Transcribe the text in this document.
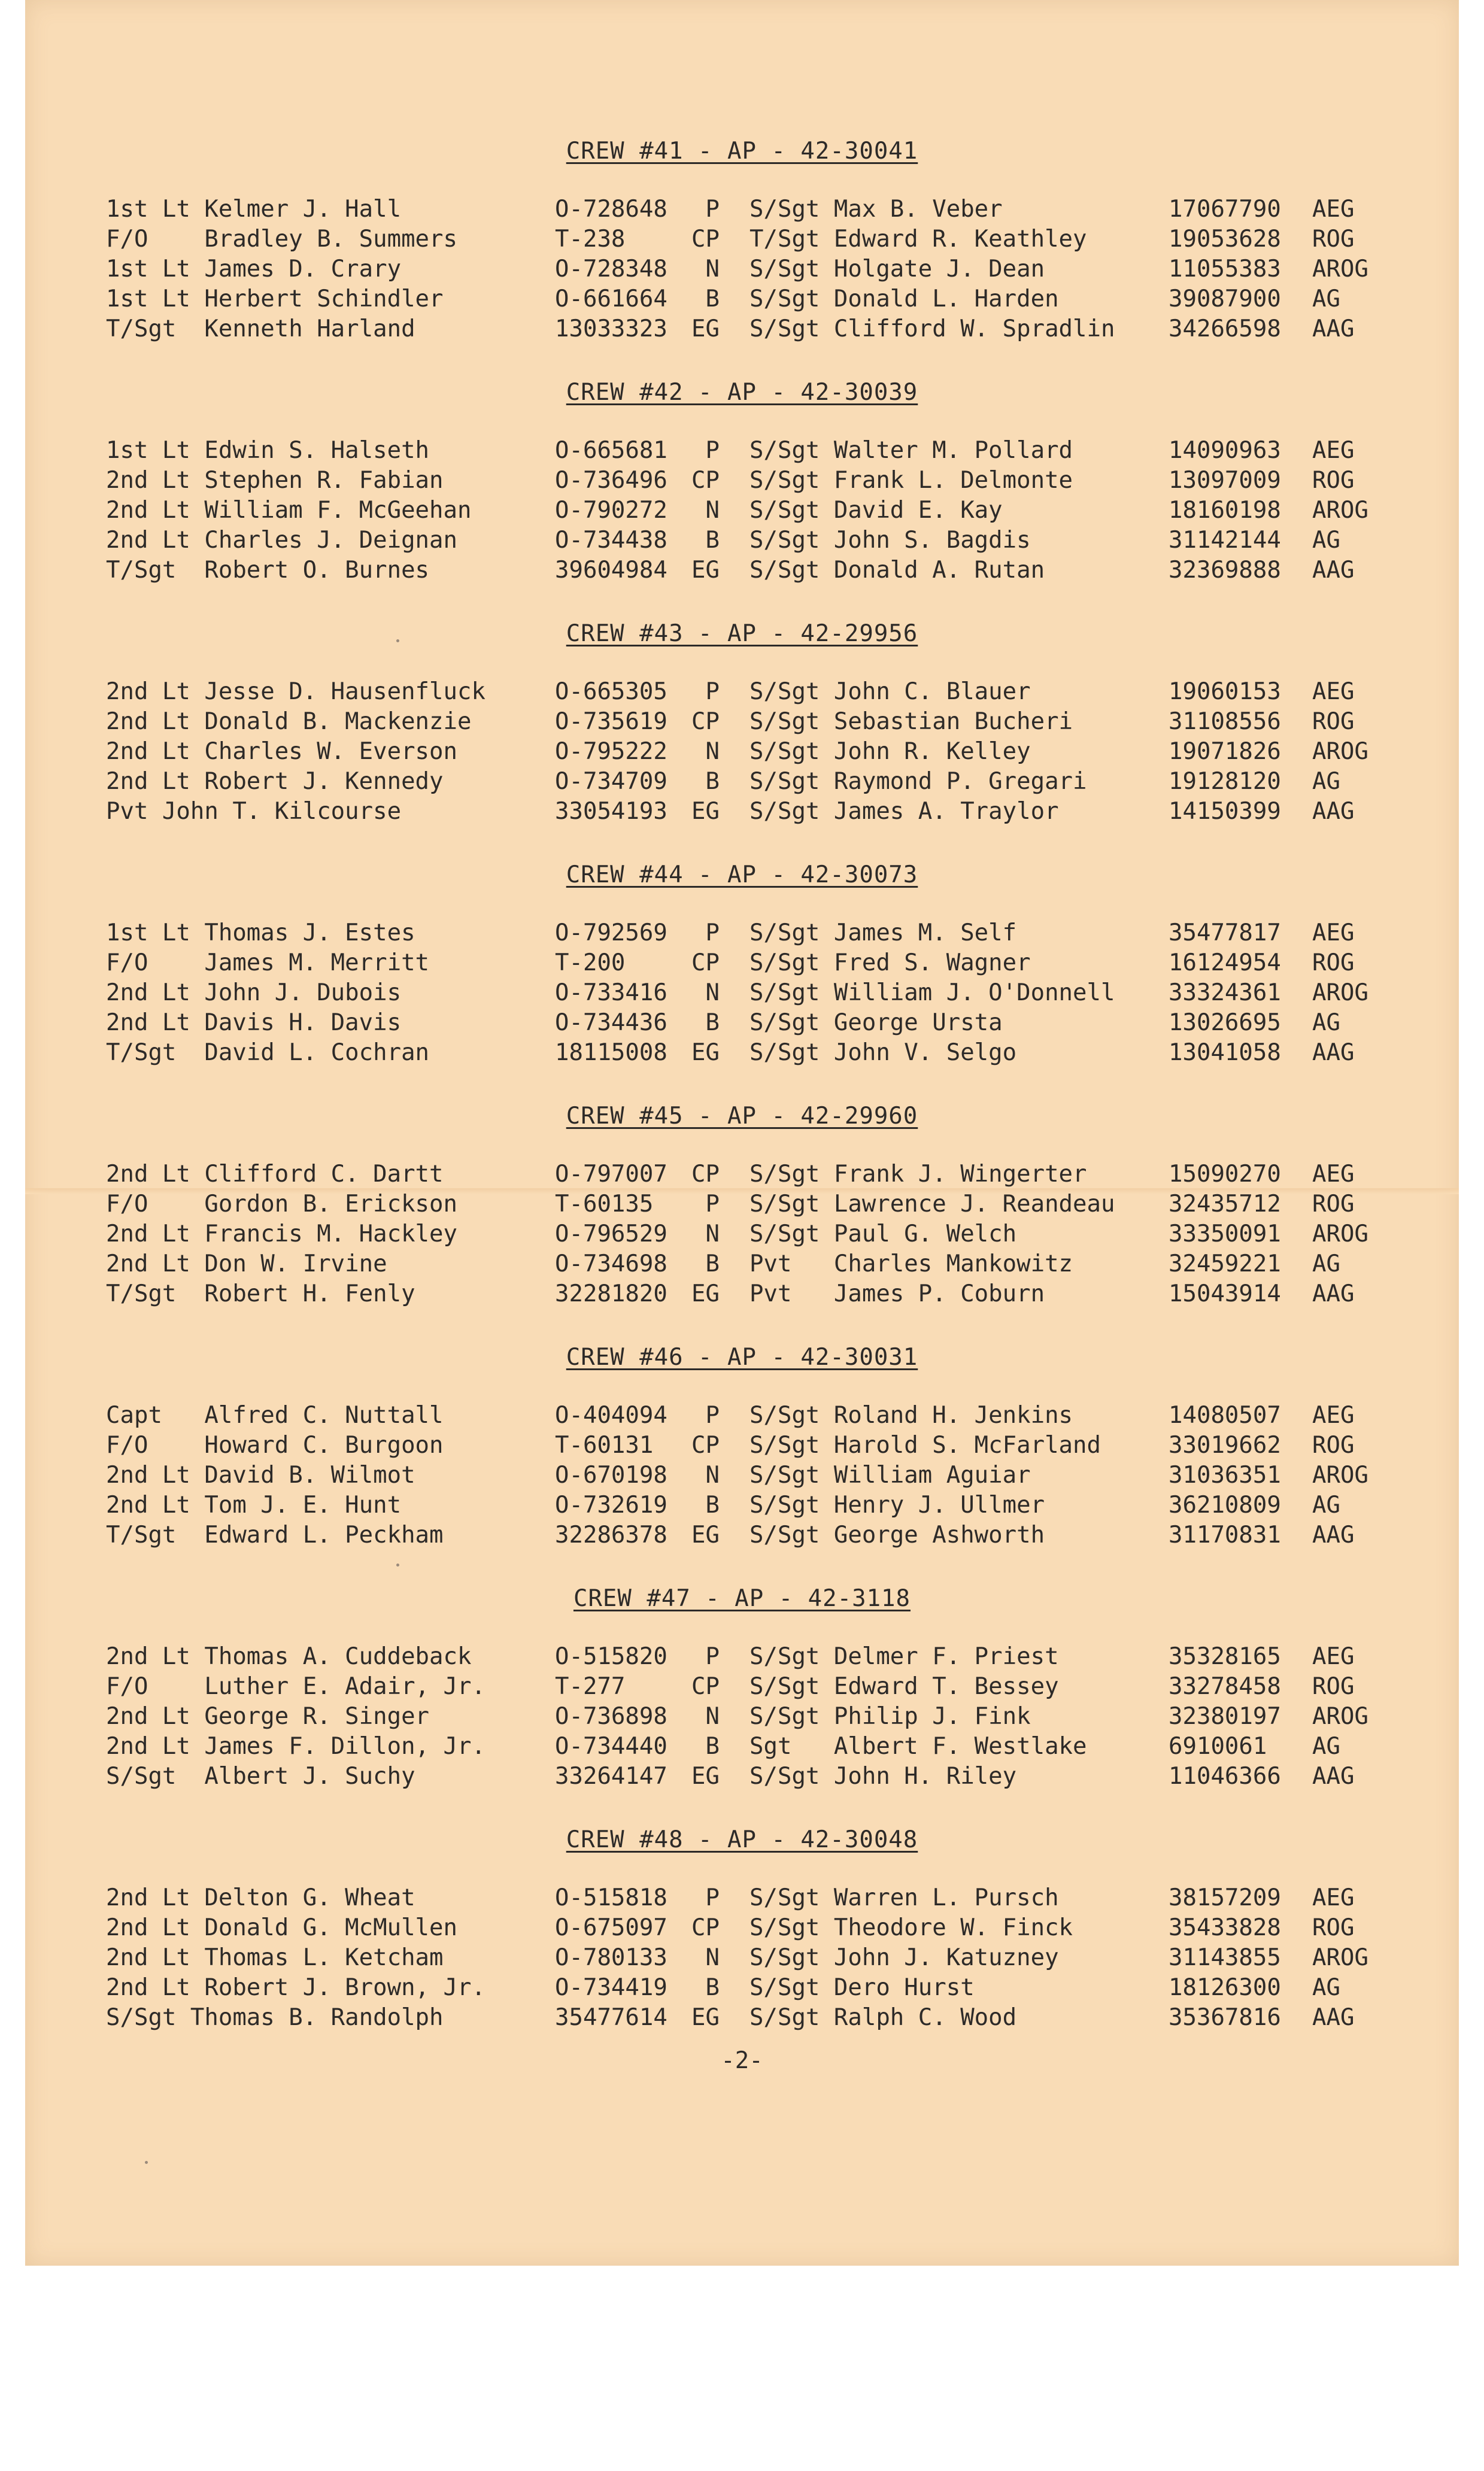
CREW #41 - AP - 42-30041
1st Lt Kelmer J. Hall	O-728648	P S/Sgt Max B. Veber	17067790 AEG
F/O    Bradley B. Summers	T-238	CP T/Sgt Edward R. Keathley	19053628 ROG
1st Lt James D. Crary	O-728348	N S/Sgt Holgate J. Dean	11055383 AROG
1st Lt Herbert Schindler	O-661664	B S/Sgt Donald L. Harden	39087900 AG
T/Sgt  Kenneth Harland	13033323 EG S/Sgt Clifford W. Spradlin 34266598 AAG
CREW #42 - AP - 42-30039
1st Lt Edwin S. Halseth	O-665681	P S/Sgt Walter M. Pollard	14090963 AEG
2nd Lt Stephen R. Fabian	O-736496 CP S/Sgt Frank L. Delmonte	13097009 ROG
2nd Lt William F. McGeehan	O-790272	N S/Sgt David E. Kay	18160198 AROG
2nd Lt Charles J. Deignan	O-734438	B S/Sgt John S. Bagdis	31142144 AG
T/Sgt  Robert O. Burnes	39604984 EG S/Sgt Donald A. Rutan	32369888 AAG
CREW #43 - AP - 42-29956
2nd Lt Jesse D. Hausenfluck	O-665305	P S/Sgt John C. Blauer	19060153 AEG
2nd Lt Donald B. Mackenzie	O-735619 CP S/Sgt Sebastian Bucheri	31108556 ROG
2nd Lt Charles W. Everson	O-795222	N S/Sgt John R. Kelley	19071826 AROG
2nd Lt Robert J. Kennedy	O-734709	B S/Sgt Raymond P. Gregari	19128120 AG
Pvt John T. Kilcourse	33054193 EG S/Sgt James A. Traylor	14150399 AAG
CREW #44 - AP - 42-30073
1st Lt Thomas J. Estes	O-792569	P S/Sgt James M. Self	35477817 AEG
F/O    James M. Merritt	T-200	CP S/Sgt Fred S. Wagner	16124954 ROG
2nd Lt John J. Dubois	O-733416	N S/Sgt William J. O'Donnell 33324361 AROG
2nd Lt Davis H. Davis	O-734436	B S/Sgt George Ursta	13026695 AG
T/Sgt  David L. Cochran	18115008 EG S/Sgt John V. Selgo	13041058 AAG
CREW #45 - AP - 42-29960
2nd Lt Clifford C. Dartt	O-797007 CP S/Sgt Frank J. Wingerter	15090270 AEG
F/O    Gordon B. Erickson	T-60135	P S/Sgt Lawrence J. Reandeau 32435712 ROG
2nd Lt Francis M. Hackley	O-796529	N S/Sgt Paul G. Welch	33350091 AROG
2nd Lt Don W. Irvine	O-734698	B Pvt   Charles Mankowitz	32459221 AG
T/Sgt  Robert H. Fenly	32281820 EG Pvt   James P. Coburn	15043914 AAG
CREW #46 - AP - 42-30031
Capt   Alfred C. Nuttall	O-404094	P S/Sgt Roland H. Jenkins	14080507 AEG
F/O    Howard C. Burgoon	T-60131 CP S/Sgt Harold S. McFarland	33019662 ROG
2nd Lt David B. Wilmot	O-670198	N S/Sgt William Aguiar	31036351 AROG
2nd Lt Tom J. E. Hunt	O-732619	B S/Sgt Henry J. Ullmer	36210809 AG
T/Sgt  Edward L. Peckham	32286378 EG S/Sgt George Ashworth	31170831 AAG
CREW #47 - AP - 42-3118
2nd Lt Thomas A. Cuddeback	O-515820	P S/Sgt Delmer F. Priest	35328165 AEG
F/O    Luther E. Adair, Jr.	T-277	CP S/Sgt Edward T. Bessey	33278458 ROG
2nd Lt George R. Singer	O-736898	N S/Sgt Philip J. Fink	32380197 AROG
2nd Lt James F. Dillon, Jr.	O-734440	B Sgt   Albert F. Westlake	6910061 AG
S/Sgt  Albert J. Suchy	33264147 EG S/Sgt John H. Riley	11046366 AAG
CREW #48 - AP - 42-30048
2nd Lt Delton G. Wheat	O-515818	P S/Sgt Warren L. Pursch	38157209 AEG
2nd Lt Donald G. McMullen	O-675097 CP S/Sgt Theodore W. Finck	35433828 ROG
2nd Lt Thomas L. Ketcham	O-780133	N S/Sgt John J. Katuzney	31143855 AROG
2nd Lt Robert J. Brown, Jr.	O-734419	B S/Sgt Dero Hurst	18126300 AG
S/Sgt Thomas B. Randolph	35477614 EG S/Sgt Ralph C. Wood	35367816 AAG
-2-
